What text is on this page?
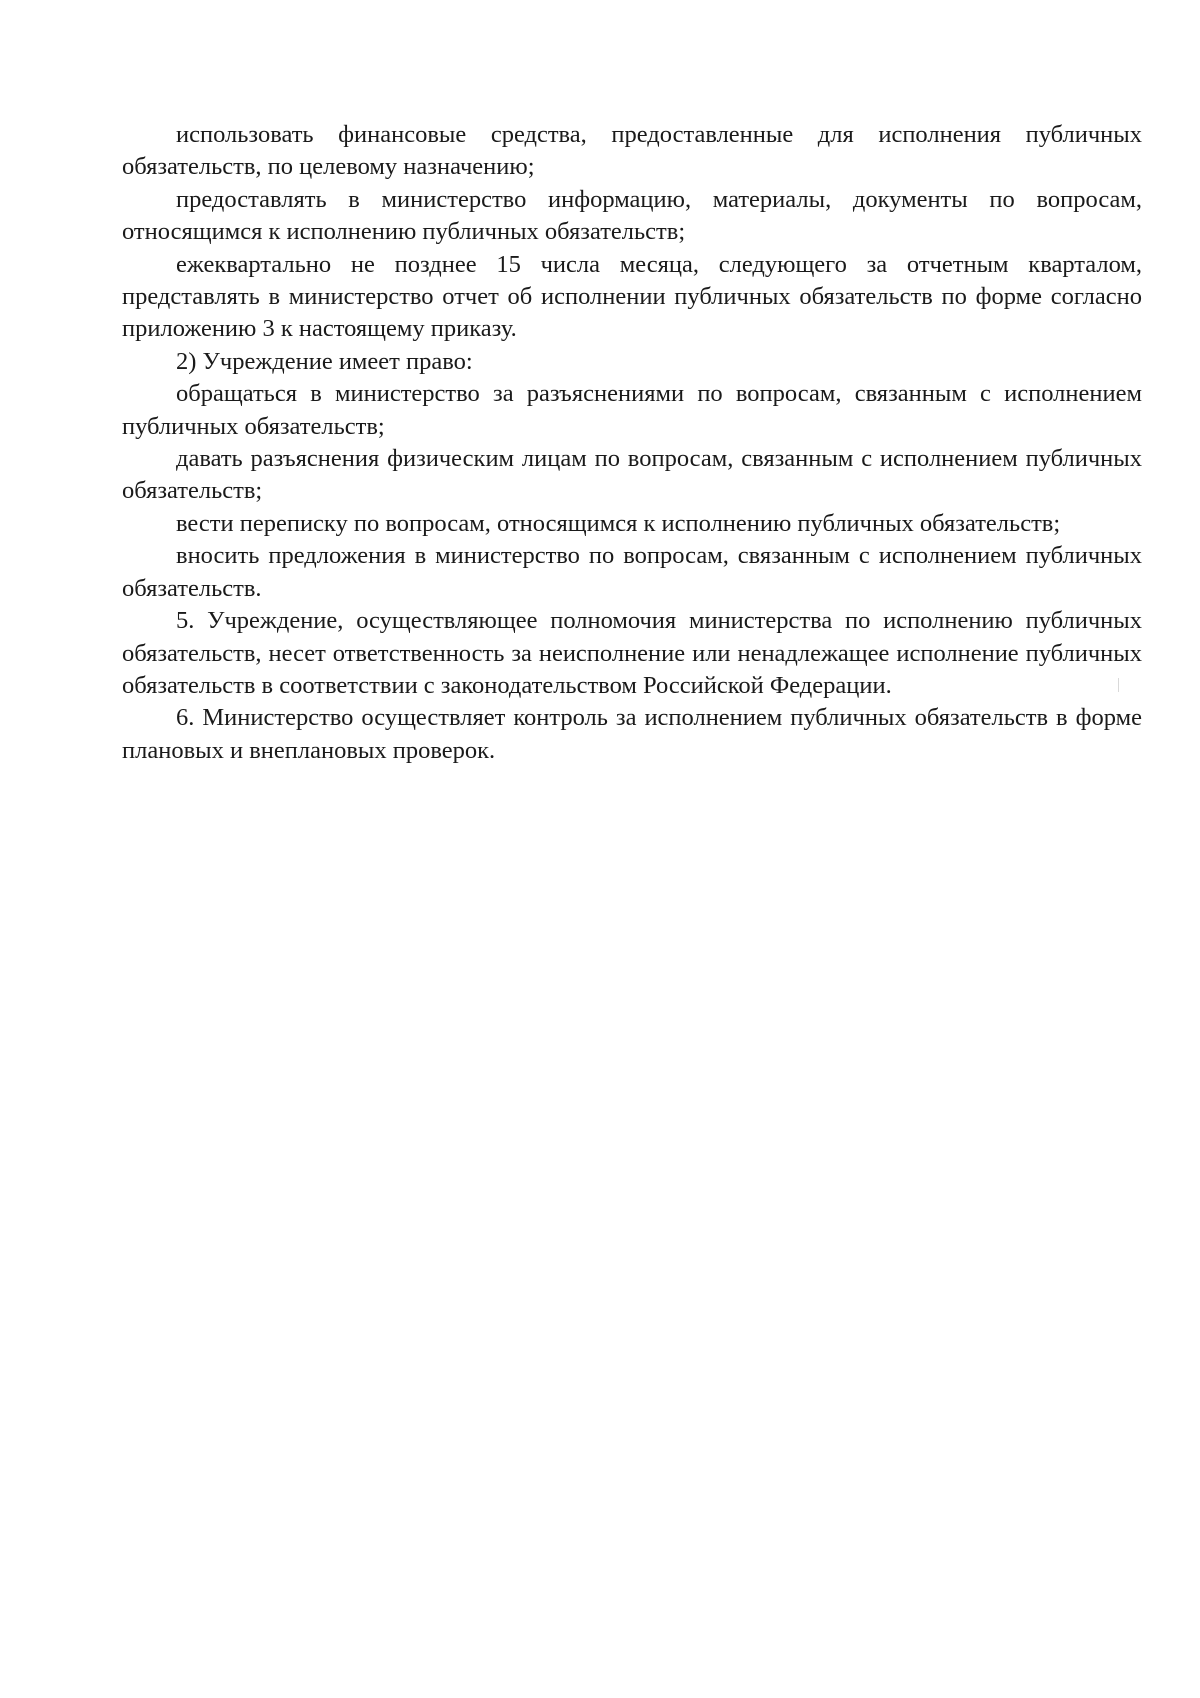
использовать финансовые средства, предоставленные для исполнения публичных обязательств, по целевому назначению;

предоставлять в министерство информацию, материалы, документы по вопросам, относящимся к исполнению публичных обязательств;

ежеквартально не позднее 15 числа месяца, следующего за отчетным кварталом, представлять в министерство отчет об исполнении публичных обязательств по форме согласно приложению 3 к настоящему приказу.

2) Учреждение имеет право:

обращаться в министерство за разъяснениями по вопросам, связанным с исполнением публичных обязательств;

давать разъяснения физическим лицам по вопросам, связанным с исполнением публичных обязательств;

вести переписку по вопросам, относящимся к исполнению публичных обязательств;

вносить предложения в министерство по вопросам, связанным с исполнением публичных обязательств.

5. Учреждение, осуществляющее полномочия министерства по исполнению публичных обязательств, несет ответственность за неисполнение или ненадлежащее исполнение публичных обязательств в соответствии с законодательством Российской Федерации.

6. Министерство осуществляет контроль за исполнением публичных обязательств в форме плановых и внеплановых проверок.
